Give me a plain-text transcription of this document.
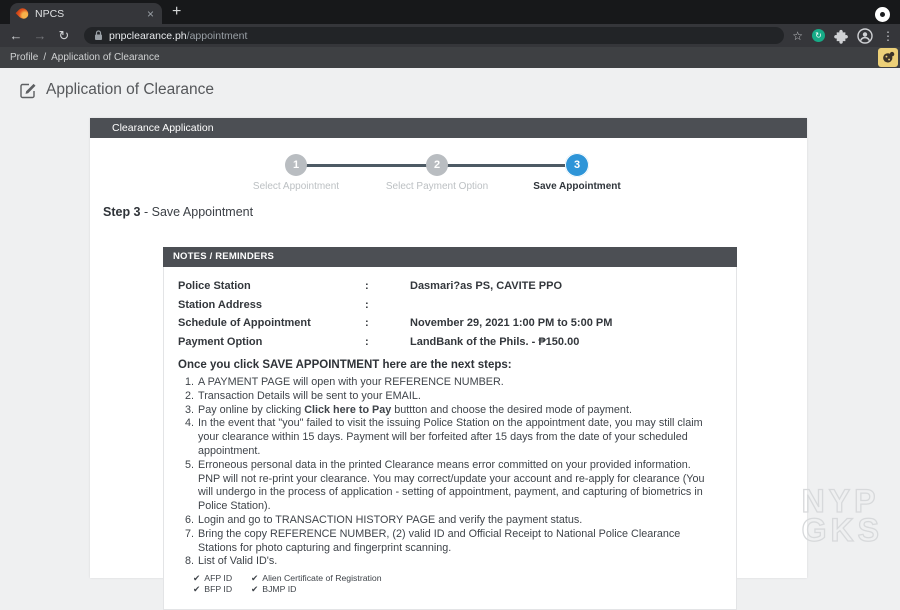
NPCS	× +
← → ↻	pnpclearance.ph /appointment	☆	↻	⋮
Profile / Application of Clearance
Application of Clearance
Clearance Application
1
Select Appointment
2
Select Payment Option
3
Save Appointment
Step 3 - Save Appointment
NOTES / REMINDERS
Police Station	:	Dasmari?as PS, CAVITE PPO
Station Address	:
Schedule of Appointment	:	November 29, 2021 1:00 PM to 5:00 PM
Payment Option	:	LandBank of the Phils. - ₱150.00
Once you click SAVE APPOINTMENT here are the next steps:
1. A PAYMENT PAGE will open with your REFERENCE NUMBER.
2. Transaction Details will be sent to your EMAIL.
3. Pay online by clicking Click here to Pay buttton and choose the desired mode of payment.
4. In the event that "you" failed to visit the issuing Police Station on the appointment date, you may still claim your clearance within 15 days. Payment will ber forfeited after 15 days from the date of your scheduled appointment.
5. Erroneous personal data in the printed Clearance means error committed on your provided information. PNP will not re-print your clearance. You may correct/update your account and re-apply for clearance (You will undergo in the process of application - setting of appointment, payment, and capturing of biometrics in Police Station).
6. Login and go to TRANSACTION HISTORY PAGE and verify the payment status.
7. Bring the copy REFERENCE NUMBER, (2) valid ID and Official Receipt to National Police Clearance Stations for photo capturing and fingerprint scanning.
8. List of Valid ID's.
✔ AFP ID ✔ Alien Certificate of Registration
✔ BFP ID ✔ BJMP ID
NYP
GKS
